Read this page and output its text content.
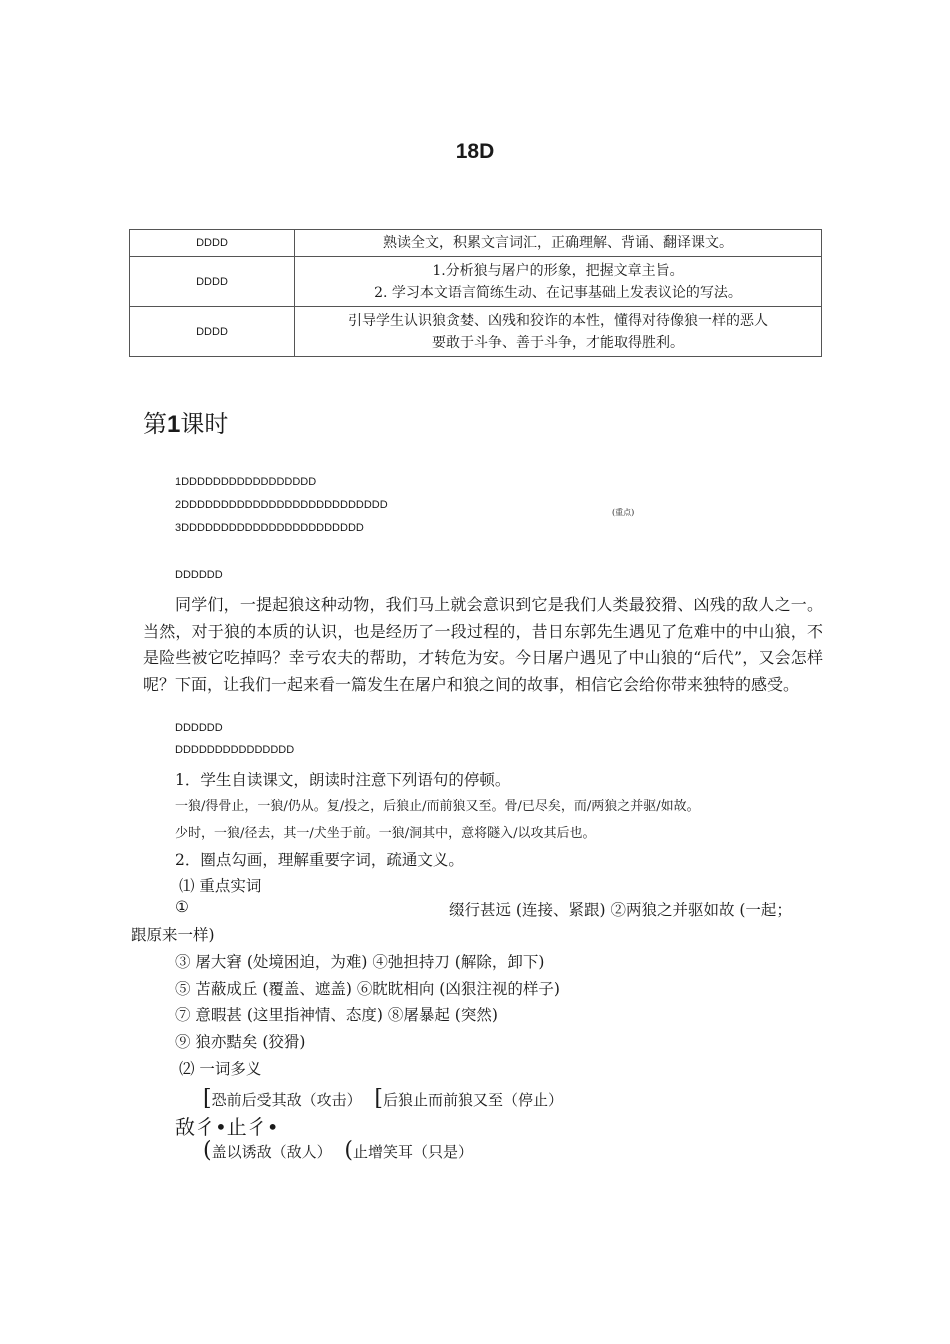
18D
DDDD	熟读全文，积累文言词汇，正确理解、背诵、翻译课文。
DDDD	1.分析狼与屠户的形象，把握文章主旨。
2. 学习本文语言简练生动、在记事基础上发表议论的写法。

DDDD	引导学生认识狼贪婪、凶残和狡诈的本性，懂得对待像狼一样的恶人
要敢于斗争、善于斗争，才能取得胜利。
第1课时
1DDDDDDDDDDDDDDDDD
2DDDDDDDDDDDDDDDDDDDDDDDDDD
3DDDDDDDDDDDDDDDDDDDDDDD
(重点)
DDDDDD
同学们，一提起狼这种动物，我们马上就会意识到它是我们人类最狡猾、凶残的敌人之一。当然，对于狼的本质的认识，也是经历了一段过程的，昔日东郭先生遇见了危难中的中山狼，不是险些被它吃掉吗？幸亏农夫的帮助，才转危为安。今日屠户遇见了中山狼的“后代”，又会怎样呢？下面，让我们一起来看一篇发生在屠户和狼之间的故事，相信它会给你带来独特的感受。
DDDDDD
DDDDDDDDDDDDDDD
1．学生自读课文，朗读时注意下列语句的停顿。
一狼/得骨止，一狼/仍从。复/投之，后狼止/而前狼又至。骨/已尽矣，而/两狼之并驱/如故。
少时，一狼/径去，其一/犬坐于前。一狼/洞其中，意将隧入/以攻其后也。
2．圈点勾画，理解重要字词，疏通文义。
⑴ 重点实词
①	缀行甚远 (连接、紧跟) ②两狼之并驱如故 (一起；
跟原来一样)
③ 屠大窘 (处境困迫，为难) ④弛担持刀 (解除，卸下)
⑤ 苫蔽成丘 (覆盖、遮盖) ⑥眈眈相向 (凶狠注视的样子)
⑦ 意暇甚 (这里指神情、态度) ⑧屠暴起 (突然)
⑨ 狼亦黠矣 (狡猾)
⑵ 一词多义
[恐前后受其敌（攻击） [后狼止而前狼又至（停止）
敌彳•止彳•
(盖以诱敌（敌人） (止增笑耳（只是）
